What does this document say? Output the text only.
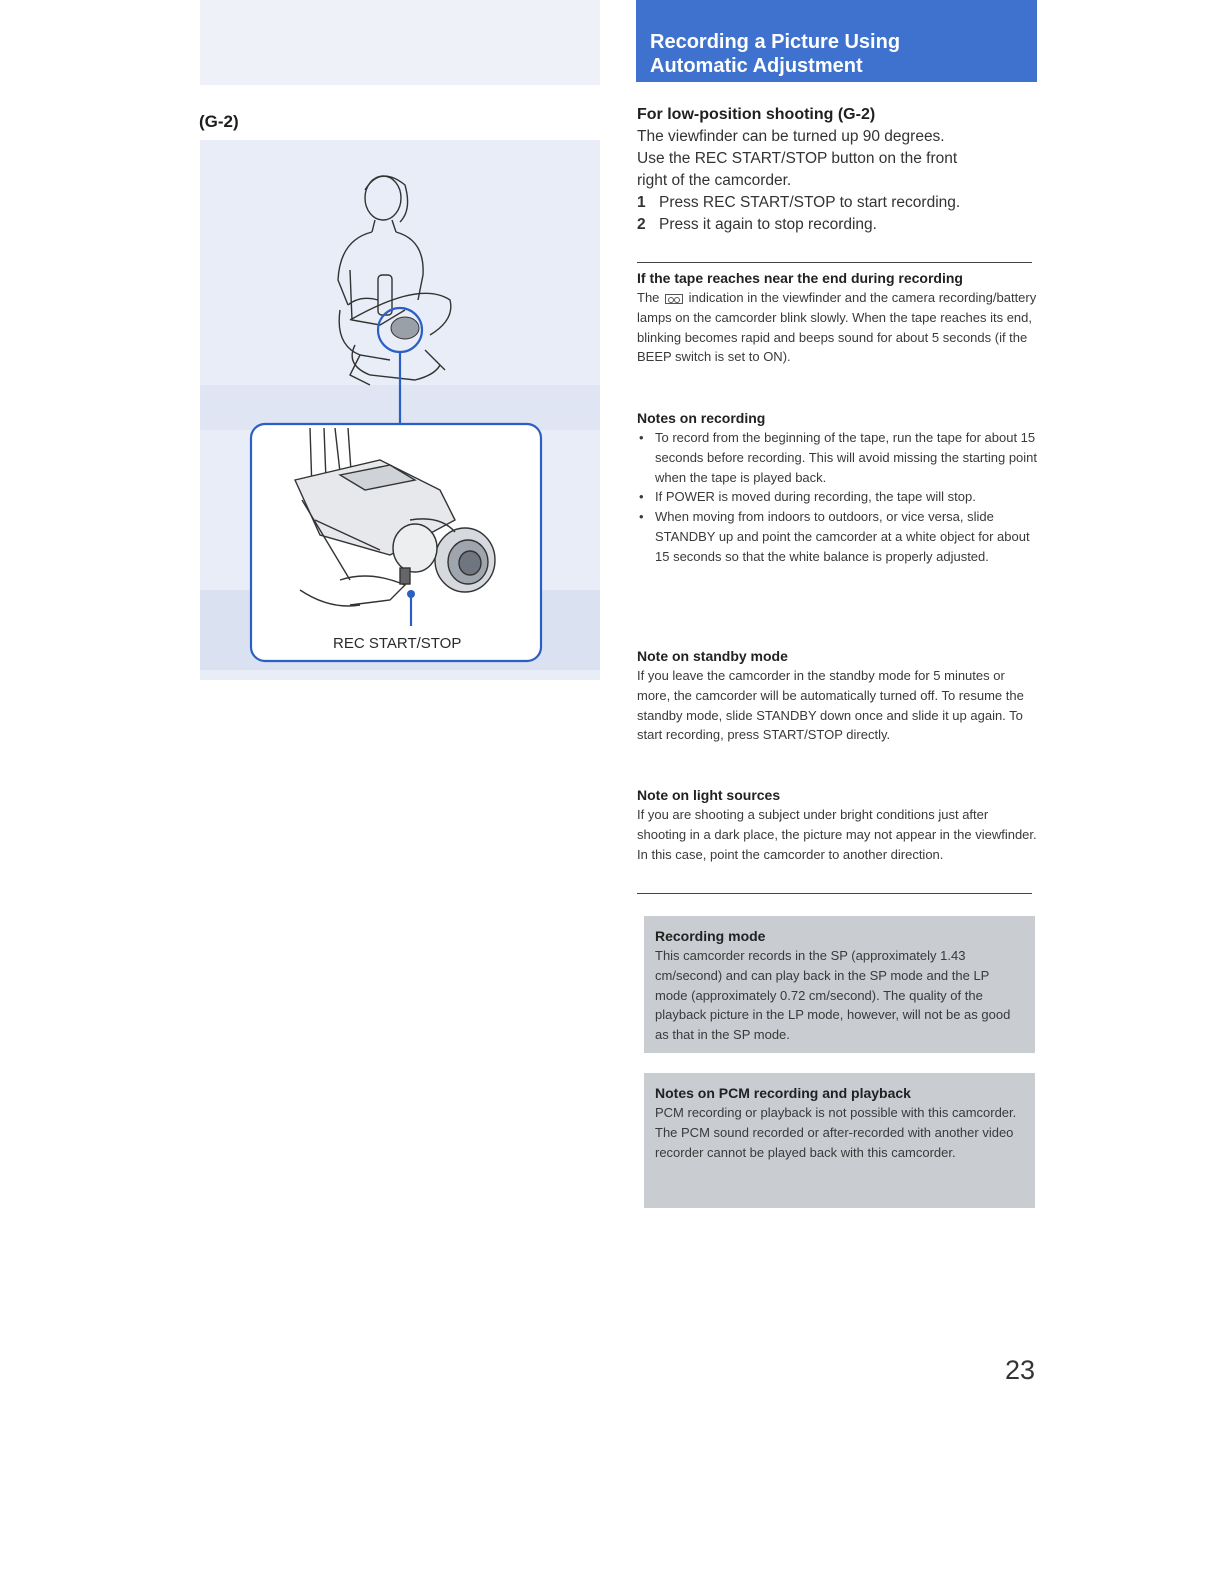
(G-2)
REC START/STOP
Recording a Picture Using
Automatic Adjustment
For low-position shooting (G-2)
The viewfinder can be turned up 90 degrees.
Use the REC START/STOP button on the front
right of the camcorder.
1 Press REC START/STOP to start recording.
2 Press it again to stop recording.
If the tape reaches near the end during recording

The indication in the viewfinder and the camera recording/battery lamps on the camcorder blink slowly. When the tape reaches its end, blinking becomes rapid and beeps sound for about 5 seconds (if the BEEP switch is set to ON).

Notes on recording
• To record from the beginning of the tape, run the tape for about 15 seconds before recording. This will avoid missing the starting point when the tape is played back.
• If POWER is moved during recording, the tape will stop.
• When moving from indoors to outdoors, or vice versa, slide STANDBY up and point the camcorder at a white object for about 15 seconds so that the white balance is properly adjusted.
Note on standby mode

If you leave the camcorder in the standby mode for 5 minutes or more, the camcorder will be automatically turned off. To resume the standby mode, slide STANDBY down once and slide it up again. To start recording, press START/STOP directly.

Note on light sources

If you are shooting a subject under bright conditions just after shooting in a dark place, the picture may not appear in the viewfinder. In this case, point the camcorder to another direction.

Recording mode

This camcorder records in the SP (approximately 1.43 cm/second) and can play back in the SP mode and the LP mode (approximately 0.72 cm/second). The quality of the playback picture in the LP mode, however, will not be as good as that in the SP mode.

Notes on PCM recording and playback

PCM recording or playback is not possible with this camcorder.

The PCM sound recorded or after-recorded with another video recorder cannot be played back with this camcorder.

23
